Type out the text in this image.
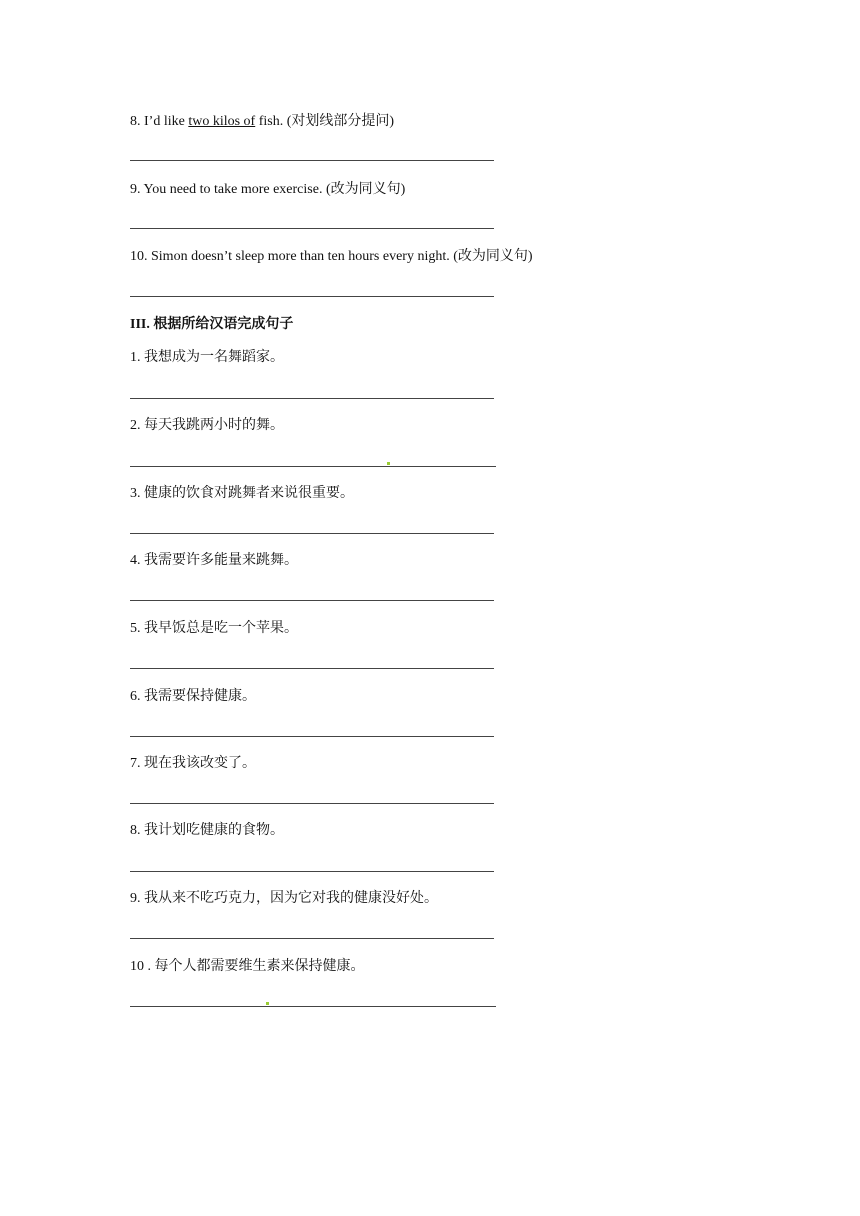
8. I’d like two kilos of fish. (对划线部分提问)
9. You need to take more exercise. (改为同义句)
10. Simon doesn’t sleep more than ten hours every night. (改为同义句)
III. 根据所给汉语完成句子
1. 我想成为一名舞蹈家。
2. 每天我跳两小时的舞。
3. 健康的饮食对跳舞者来说很重要。
4. 我需要许多能量来跳舞。
5. 我早饭总是吃一个苹果。
6. 我需要保持健康。
7. 现在我该改变了。
8. 我计划吃健康的食物。
9. 我从来不吃巧克力，因为它对我的健康没好处。
10 . 每个人都需要维生素来保持健康。
